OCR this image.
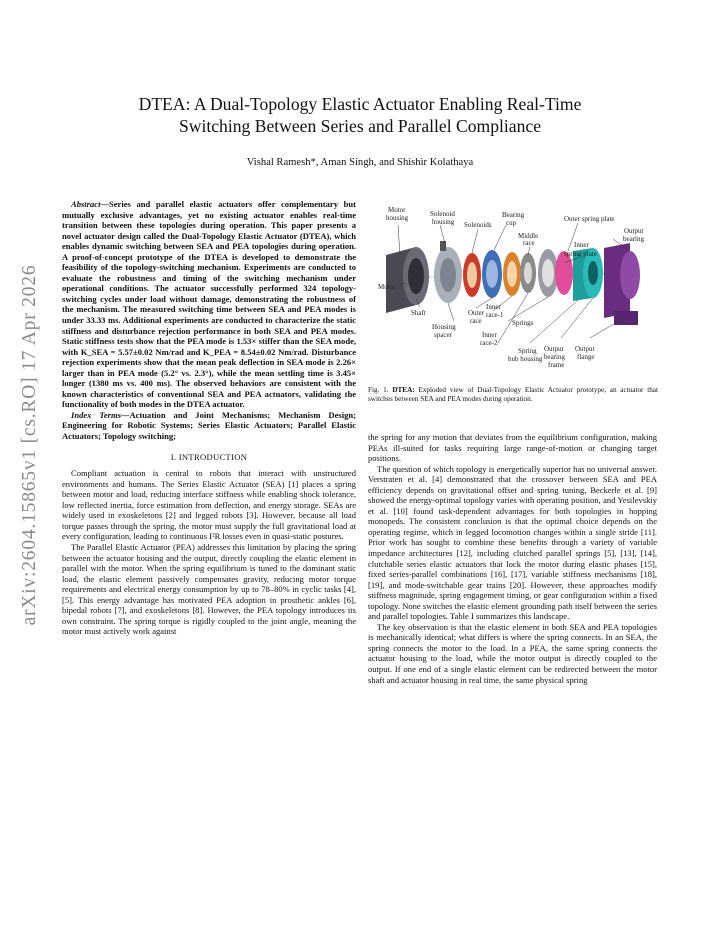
arXiv:2604.15865v1 [cs.RO] 17 Apr 2026
DTEA: A Dual-Topology Elastic Actuator Enabling Real-Time
Switching Between Series and Parallel Compliance
Vishal Ramesh*, Aman Singh, and Shishir Kolathaya

Abstract—Series and parallel elastic actuators offer complementary but mutually exclusive advantages, yet no existing actuator enables real-time transition between these topologies during operation. This paper presents a novel actuator design called the Dual-Topology Elastic Actuator (DTEA), which enables dynamic switching between SEA and PEA topologies during operation. A proof-of-concept prototype of the DTEA is developed to demonstrate the feasibility of the topology-switching mechanism. Experiments are conducted to evaluate the robustness and timing of the switching mechanism under operational conditions. The actuator successfully performed 324 topology-switching cycles under load without damage, demonstrating the robustness of the mechanism. The measured switching time between SEA and PEA modes is under 33.33 ms. Additional experiments are conducted to characterize the static stiffness and disturbance rejection performance in both SEA and PEA modes. Static stiffness tests show that the PEA mode is 1.53× stiffer than the SEA mode, with K_SEA = 5.57±0.02 Nm/rad and K_PEA = 8.54±0.02 Nm/rad. Disturbance rejection experiments show that the mean peak deflection in SEA mode is 2.26× larger than in PEA mode (5.2° vs. 2.3°), while the mean settling time is 3.45× longer (1380 ms vs. 400 ms). The observed behaviors are consistent with the known characteristics of conventional SEA and PEA actuators, validating the functionality of both modes in the DTEA actuator.

Index Terms—Actuation and Joint Mechanisms; Mechanism Design; Engineering for Robotic Systems; Series Elastic Actuators; Parallel Elastic Actuators; Topology switching;

I. INTRODUCTION

Compliant actuation is central to robots that interact with unstructured environments and humans. The Series Elastic Actuator (SEA) [1] places a spring between motor and load, reducing interface stiffness while enabling shock tolerance, low reflected inertia, force estimation from deflection, and energy storage. SEAs are widely used in exoskeletons [2] and legged robots [3]. However, because all load torque passes through the spring, the motor must supply the full gravitational load at every configuration, leading to continuous I²R losses even in quasi-static postures.

The Parallel Elastic Actuator (PEA) addresses this limitation by placing the spring between the actuator housing and the output, directly coupling the elastic element in parallel with the motor. When the spring equilibrium is tuned to the dominant static load, the elastic element passively compensates gravity, reducing motor torque requirements and electrical energy consumption by up to 78–80% in cyclic tasks [4], [5]. This energy advantage has motivated PEA adoption in prosthetic ankles [6], bipedal robots [7], and exoskeletons [8]. However, the PEA topology introduces its own constraint. The spring torque is rigidly coupled to the joint angle, meaning the motor must actively work against

Motor
housing	Solenoid
housing Solenoids
Bearing
cup	Outer spring plate
Middle
race
Output
bearing
Inner
spring plate
Motor
Shaft	Outer
race
Inner
race-1
Springs
Housing
spacer	Inner
race-2
Spring
hub housing
Output
bearing
frame
Output
flange
Fig. 1. DTEA: Exploded view of Dual-Topology Elastic Actuator prototype, an actuator that switches between SEA and PEA modes during operation.

the spring for any motion that deviates from the equilibrium configuration, making PEAs ill-suited for tasks requiring large range-of-motion or changing target positions.

The question of which topology is energetically superior has no universal answer. Verstraten et al. [4] demonstrated that the crossover between SEA and PEA efficiency depends on gravitational offset and spring tuning, Beckerle et al. [9] showed the energy-optimal topology varies with operating position, and Yesilevskiy et al. [10] found task-dependent advantages for both topologies in hopping monopeds. The consistent conclusion is that the optimal choice depends on the operating regime, which in legged locomotion changes within a single stride [11]. Prior work has sought to combine these benefits through a variety of variable impedance architectures [12], including clutched parallel springs [5], [13], [14], clutchable series elastic actuators that lock the motor during elastic phases [15], fixed series-parallel combinations [16], [17], variable stiffness mechanisms [18], [19], and mode-switchable gear trains [20]. However, these approaches modify stiffness magnitude, spring engagement timing, or gear configuration within a fixed topology. None switches the elastic element grounding path itself between the series and parallel topologies. Table I summarizes this landscape.

The key observation is that the elastic element in both SEA and PEA topologies is mechanically identical; what differs is where the spring connects. In an SEA, the spring connects the motor to the load. In a PEA, the same spring connects the actuator housing to the load, while the motor output is directly coupled to the output. If one end of a single elastic element can be redirected between the motor shaft and actuator housing in real time, the same physical spring
